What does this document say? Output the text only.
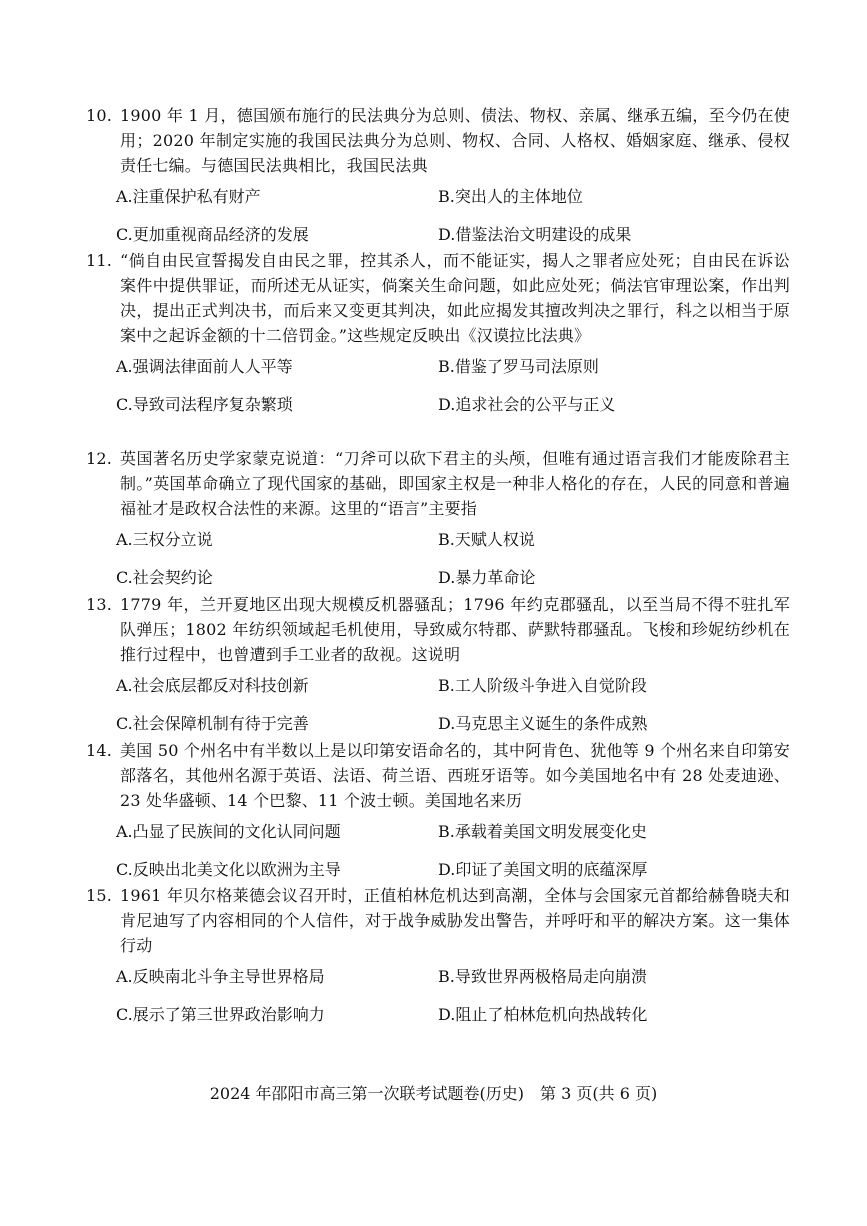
10. 1900 年 1 月，德国颁布施行的民法典分为总则、债法、物权、亲属、继承五编，至今仍在使用；2020 年制定实施的我国民法典分为总则、物权、合同、人格权、婚姻家庭、继承、侵权责任七编。与德国民法典相比，我国民法典

A.注重保护私有财产	B.突出人的主体地位
C.更加重视商品经济的发展	D.借鉴法治文明建设的成果

11. “倘自由民宣誓揭发自由民之罪，控其杀人，而不能证实，揭人之罪者应处死；自由民在诉讼案件中提供罪证，而所述无从证实，倘案关生命问题，如此应处死；倘法官审理讼案，作出判决，提出正式判决书，而后来又变更其判决，如此应揭发其擅改判决之罪行，科之以相当于原案中之起诉金额的十二倍罚金。”这些规定反映出《汉谟拉比法典》

A.强调法律面前人人平等	B.借鉴了罗马司法原则
C.导致司法程序复杂繁琐	D.追求社会的公平与正义

12. 英国著名历史学家蒙克说道：“刀斧可以砍下君主的头颅，但唯有通过语言我们才能废除君主制。”英国革命确立了现代国家的基础，即国家主权是一种非人格化的存在，人民的同意和普遍福祉才是政权合法性的来源。这里的“语言”主要指

A.三权分立说	B.天赋人权说
C.社会契约论	D.暴力革命论

13. 1779 年，兰开夏地区出现大规模反机器骚乱；1796 年约克郡骚乱，以至当局不得不驻扎军队弹压；1802 年纺织领域起毛机使用，导致威尔特郡、萨默特郡骚乱。飞梭和珍妮纺纱机在推行过程中，也曾遭到手工业者的敌视。这说明

A.社会底层都反对科技创新	B.工人阶级斗争进入自觉阶段
C.社会保障机制有待于完善	D.马克思主义诞生的条件成熟

14. 美国 50 个州名中有半数以上是以印第安语命名的，其中阿肯色、犹他等 9 个州名来自印第安部落名，其他州名源于英语、法语、荷兰语、西班牙语等。如今美国地名中有 28 处麦迪逊、23 处华盛顿、14 个巴黎、11 个波士顿。美国地名来历

A.凸显了民族间的文化认同问题	B.承载着美国文明发展变化史
C.反映出北美文化以欧洲为主导	D.印证了美国文明的底蕴深厚

15. 1961 年贝尔格莱德会议召开时，正值柏林危机达到高潮，全体与会国家元首都给赫鲁晓夫和肯尼迪写了内容相同的个人信件，对于战争威胁发出警告，并呼吁和平的解决方案。这一集体行动

A.反映南北斗争主导世界格局	B.导致世界两极格局走向崩溃
C.展示了第三世界政治影响力	D.阻止了柏林危机向热战转化
2024 年邵阳市高三第一次联考试题卷(历史)　第 3 页(共 6 页)
